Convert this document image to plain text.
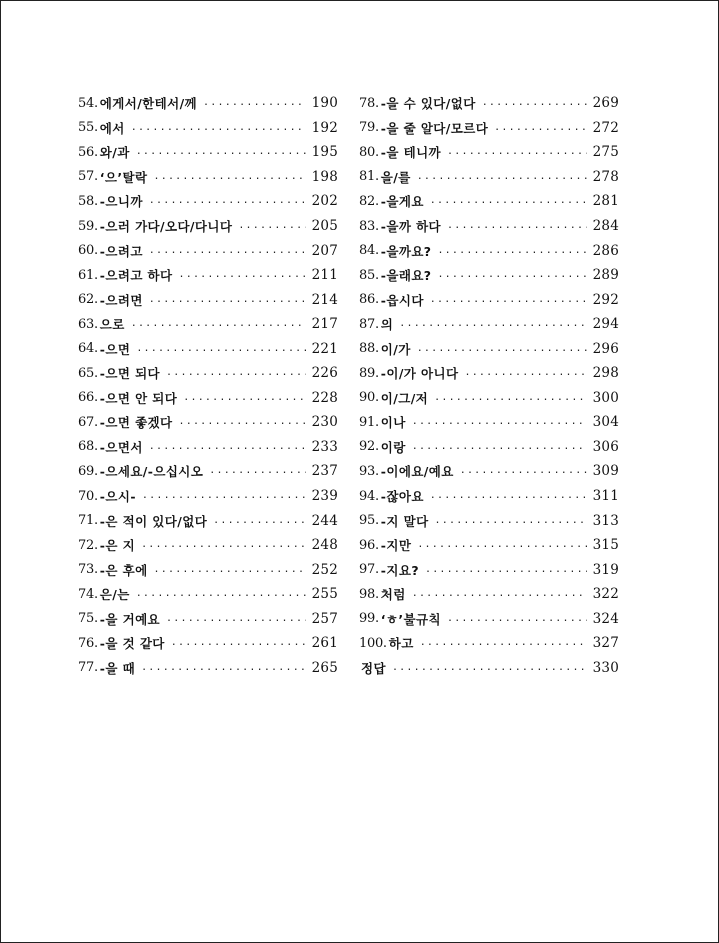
54. 에게서/한테서/께 .....	190
55. 에서 .....	192
56. 와/과 .....	195
57. ‘으’탈락 .....	198
58. -으니까 .....	202
59. -으러 가다/오다/다니다 .....	205
60. -으려고 .....	207
61. -으려고 하다 .....	211
62. -으려면 .....	214
63. 으로 .....	217
64. -으면 .....	221
65. -으면 되다 .....	226
66. -으면 안 되다 .....	228
67. -으면 좋겠다 .....	230
68. -으면서 .....	233
69. -으세요/-으십시오 .....	237
70. -으시- .....	239
71. -은 적이 있다/없다 .....	244
72. -은 지 .....	248
73. -은 후에 .....	252
74. 은/는 .....	255
75. -을 거예요 .....	257
76. -을 것 같다 .....	261
77. -을 때 .....	265
78. -을 수 있다/없다 .....	269
79. -을 줄 알다/모르다 .....	272
80. -을 테니까 .....	275
81. 을/를 .....	278
82. -을게요 .....	281
83. -을까 하다 .....	284
84. -을까요? .....	286
85. -을래요? .....	289
86. -읍시다 .....	292
87. 의 .....	294
88. 이/가 .....	296
89. -이/가 아니다 .....	298
90. 이/그/저 .....	300
91. 이나 .....	304
92. 이랑 .....	306
93. -이에요/예요 .....	309
94. -잖아요 .....	311
95. -지 말다 .....	313
96. -지만 .....	315
97. -지요? .....	319
98. 처럼 .....	322
99. ‘ㅎ’불규칙 .....	324
100. 하고 .....	327
정답 .....	330
